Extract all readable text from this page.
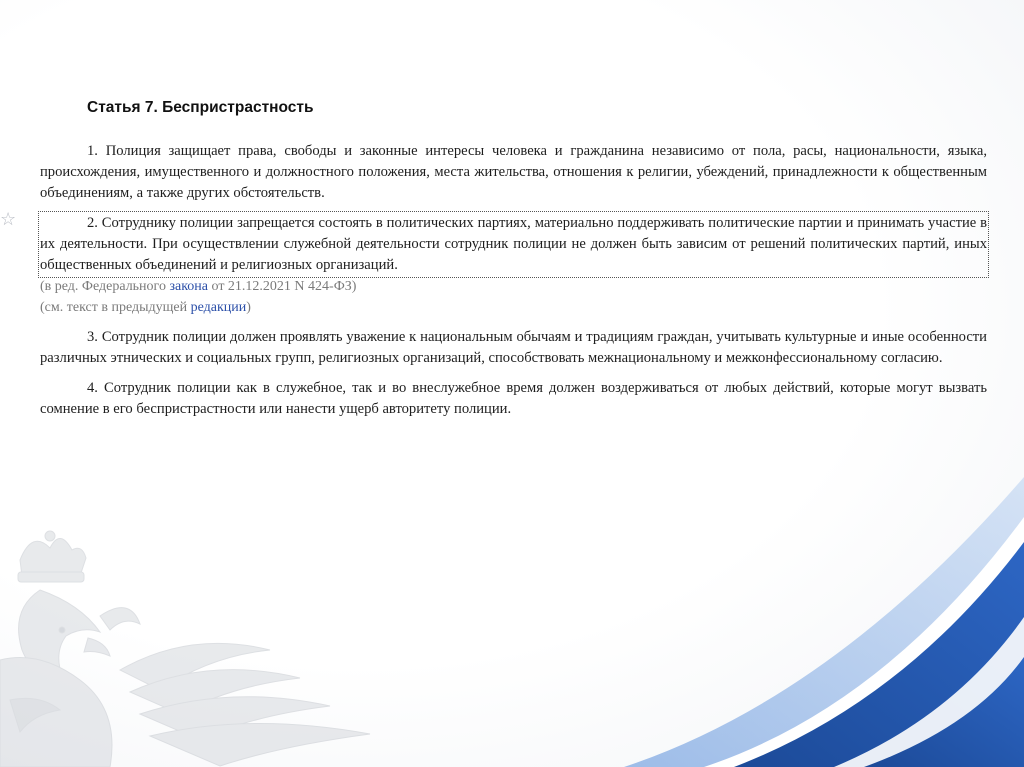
☆
Статья 7. Беспристрастность

1. Полиция защищает права, свободы и законные интересы человека и гражданина независимо от пола, расы, национальности, языка, происхождения, имущественного и должностного положения, места жительства, отношения к религии, убеждений, принадлежности к общественным объединениям, а также других обстоятельств.

2. Сотруднику полиции запрещается состоять в политических партиях, материально поддерживать политические партии и принимать участие в их деятельности. При осуществлении служебной деятельности сотрудник полиции не должен быть зависим от решений политических партий, иных общественных объединений и религиозных организаций.

(в ред. Федерального закона от 21.12.2021 N 424-ФЗ)

(см. текст в предыдущей редакции)

3. Сотрудник полиции должен проявлять уважение к национальным обычаям и традициям граждан, учитывать культурные и иные особенности различных этнических и социальных групп, религиозных организаций, способствовать межнациональному и межконфессиональному согласию.

4. Сотрудник полиции как в служебное, так и во внеслужебное время должен воздерживаться от любых действий, которые могут вызвать сомнение в его беспристрастности или нанести ущерб авторитету полиции.
